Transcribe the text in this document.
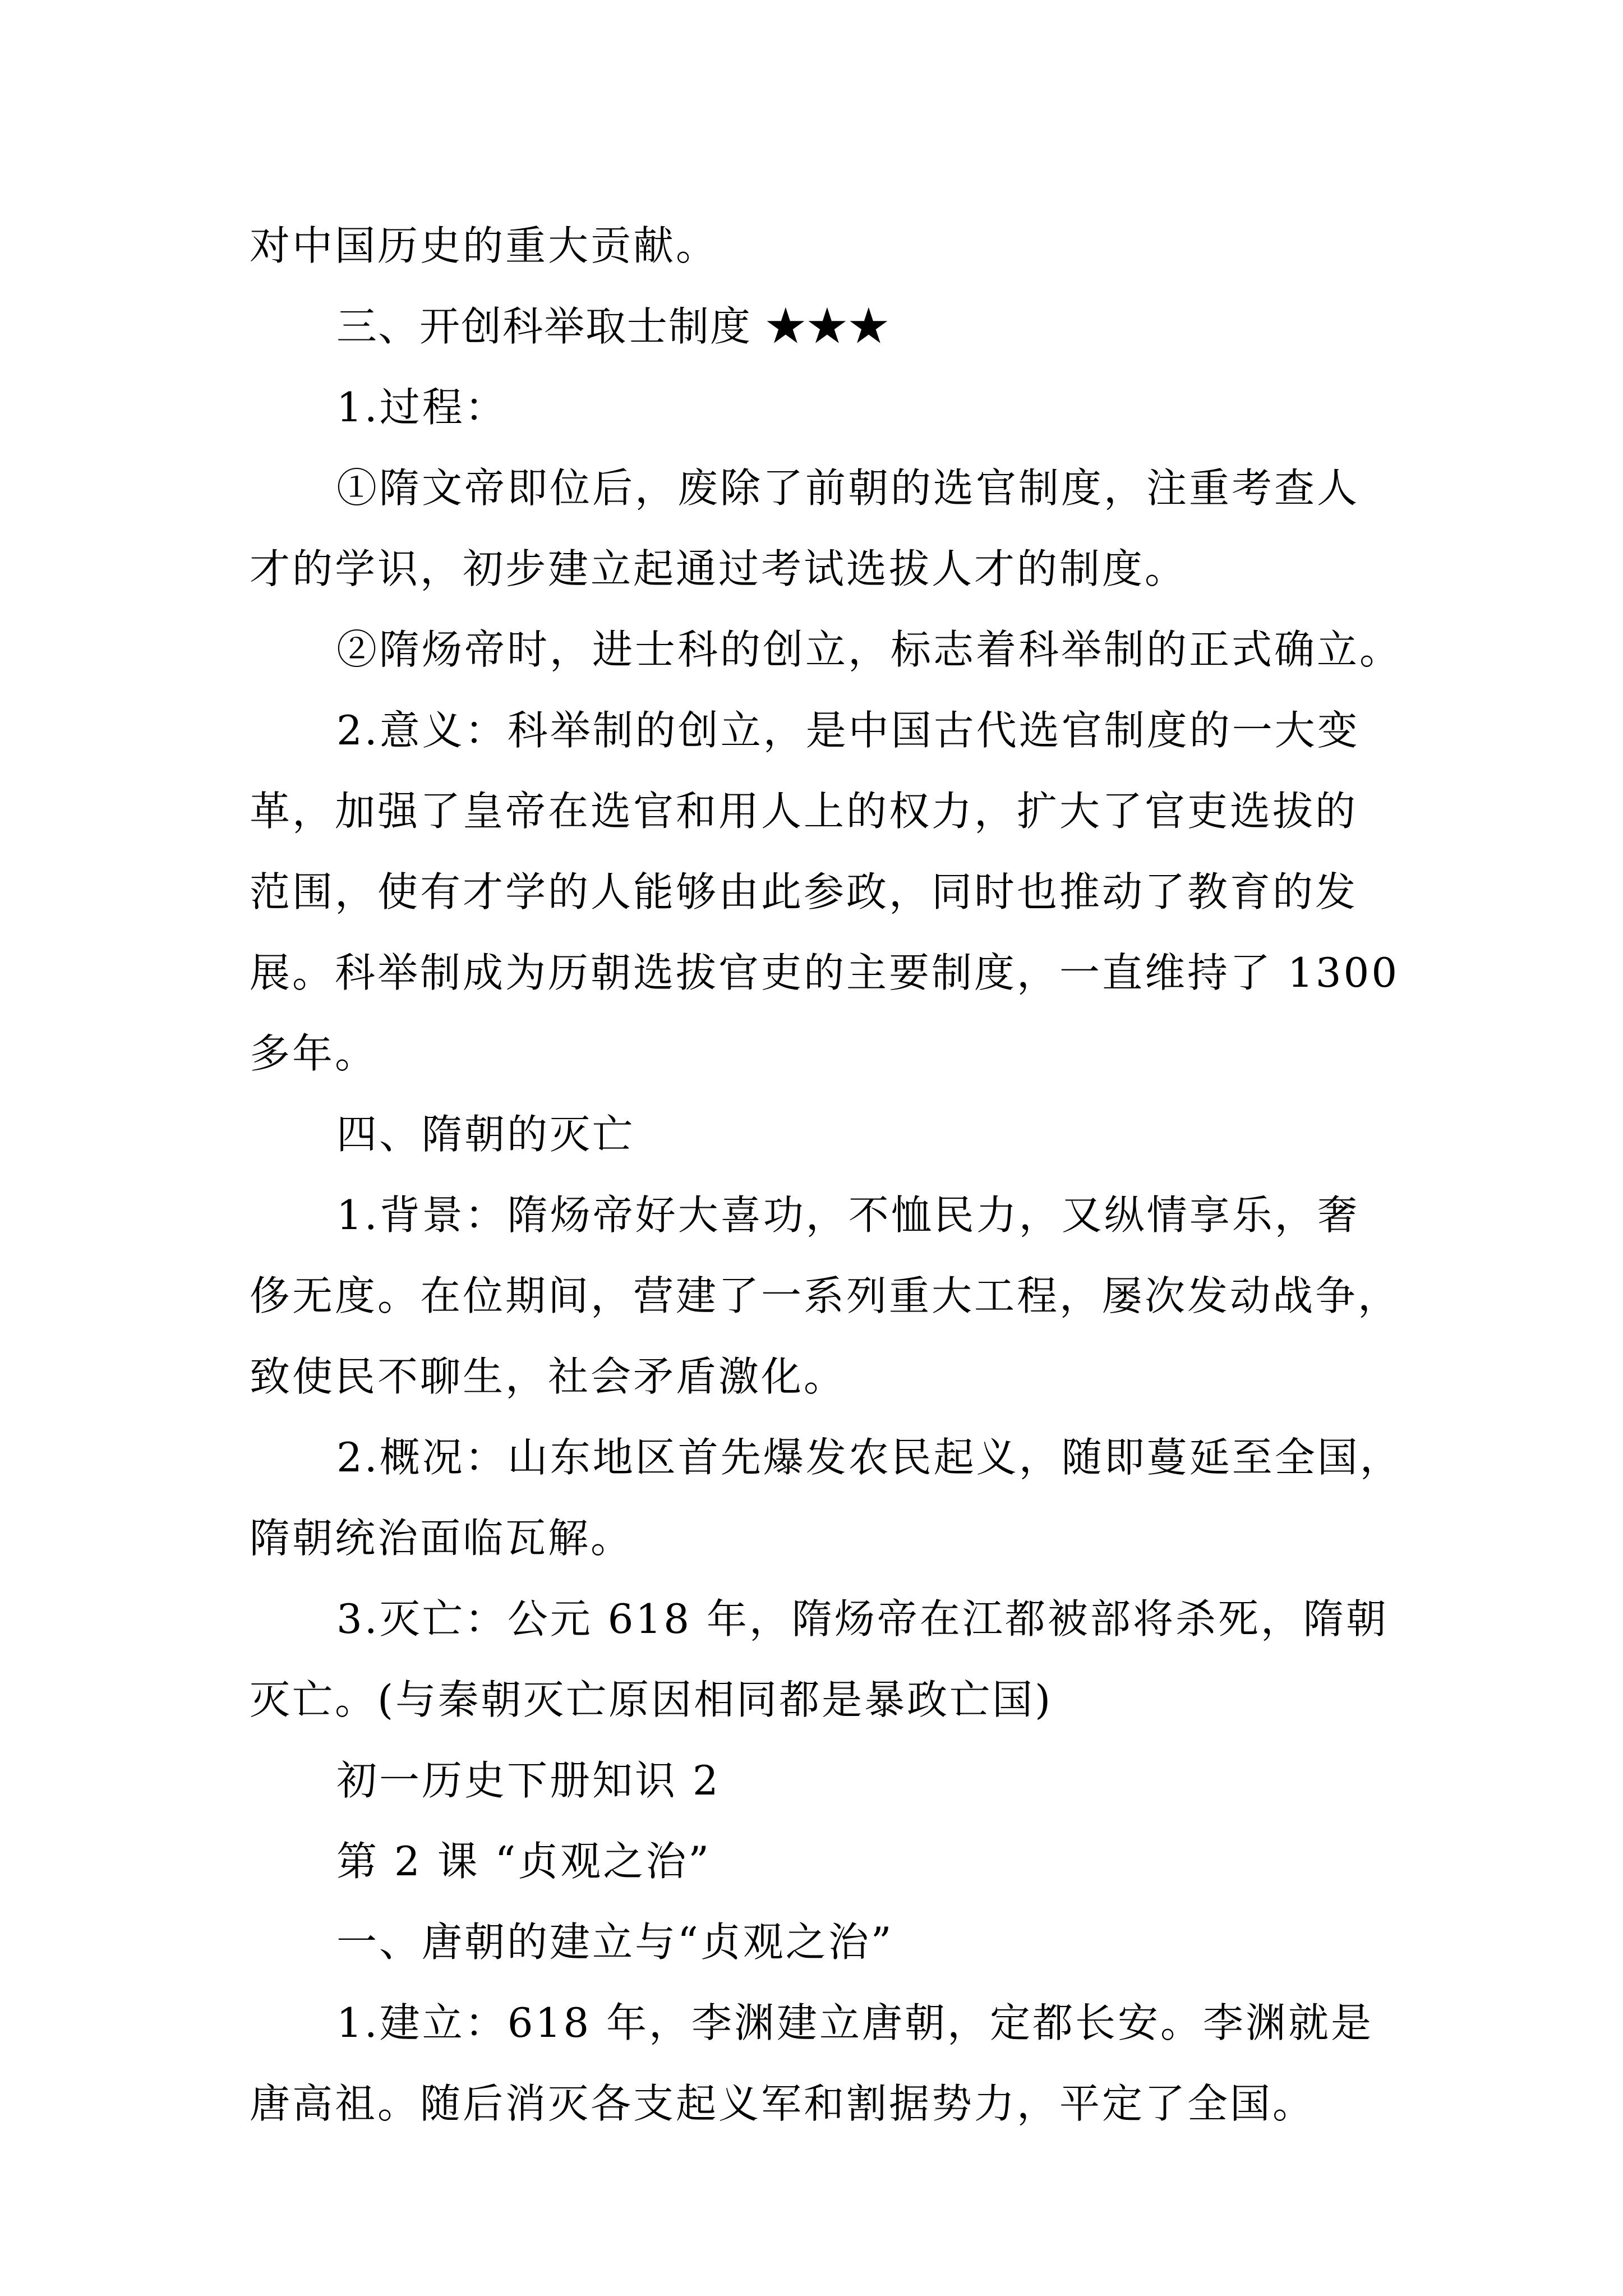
对中国历史的重大贡献。
三、开创科举取士制度 ★★★
1.过程：
①隋文帝即位后，废除了前朝的选官制度，注重考查人
才的学识，初步建立起通过考试选拔人才的制度。
②隋炀帝时，进士科的创立，标志着科举制的正式确立。
2.意义：科举制的创立，是中国古代选官制度的一大变
革，加强了皇帝在选官和用人上的权力，扩大了官吏选拔的
范围，使有才学的人能够由此参政，同时也推动了教育的发
展。科举制成为历朝选拔官吏的主要制度，一直维持了 1300
多年。
四、隋朝的灭亡
1.背景：隋炀帝好大喜功，不恤民力，又纵情享乐，奢
侈无度。在位期间，营建了一系列重大工程，屡次发动战争，
致使民不聊生，社会矛盾激化。
2.概况：山东地区首先爆发农民起义，随即蔓延至全国，
隋朝统治面临瓦解。
3.灭亡：公元 618 年，隋炀帝在江都被部将杀死，隋朝
灭亡。(与秦朝灭亡原因相同都是暴政亡国)
初一历史下册知识 2
第 2 课 “贞观之治”
一、唐朝的建立与“贞观之治”
1.建立：618 年，李渊建立唐朝，定都长安。李渊就是
唐高祖。随后消灭各支起义军和割据势力，平定了全国。
